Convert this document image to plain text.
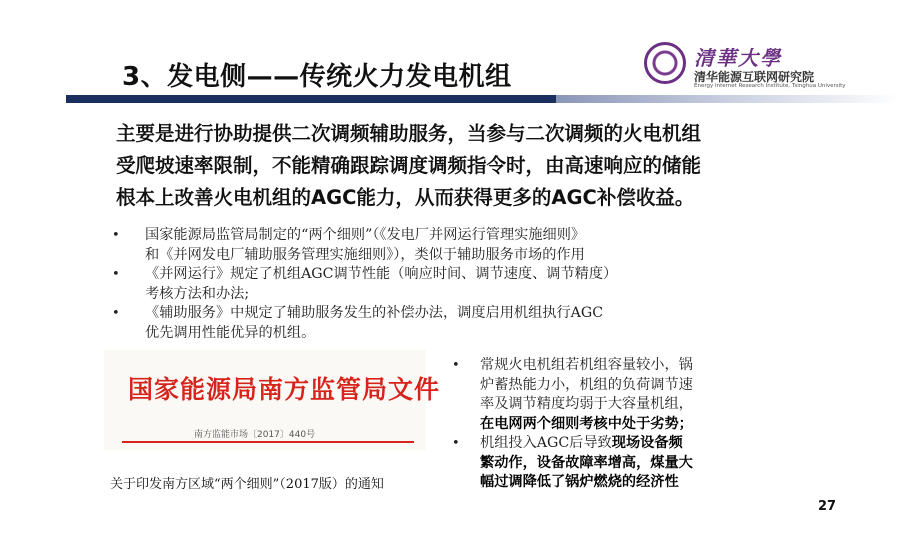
3、发电侧——传统火力发电机组
清華大學
清华能源互联网研究院
Energy Internet Research Institute, Tsinghua University

主要是进行协助提供二次调频辅助服务，当参与二次调频的火电机组

受爬坡速率限制，不能精确跟踪调度调频指令时，由高速响应的储能

根本上改善火电机组的AGC能力，从而获得更多的AGC补偿收益。

• 国家能源局监管局制定的“两个细则”（《发电厂并网运行管理实施细则》
和《并网发电厂辅助服务管理实施细则》），类似于辅助服务市场的作用
• 《并网运行》规定了机组AGC调节性能（响应时间、调节速度、调节精度）
考核方法和办法;
• 《辅助服务》中规定了辅助服务发生的补偿办法，调度启用机组执行AGC
优先调用性能优异的机组。
国家能源局南方监管局文件
南方监能市场〔2017〕440号
关于印发南方区域“两个细则”（2017版）的通知
• 常规火电机组若机组容量较小，锅
炉蓄热能力小，机组的负荷调节速
率及调节精度均弱于大容量机组，
在电网两个细则考核中处于劣势；
• 机组投入AGC后导致现场设备频
繁动作，设备故障率增高，煤量大
幅过调降低了锅炉燃烧的经济性
27
